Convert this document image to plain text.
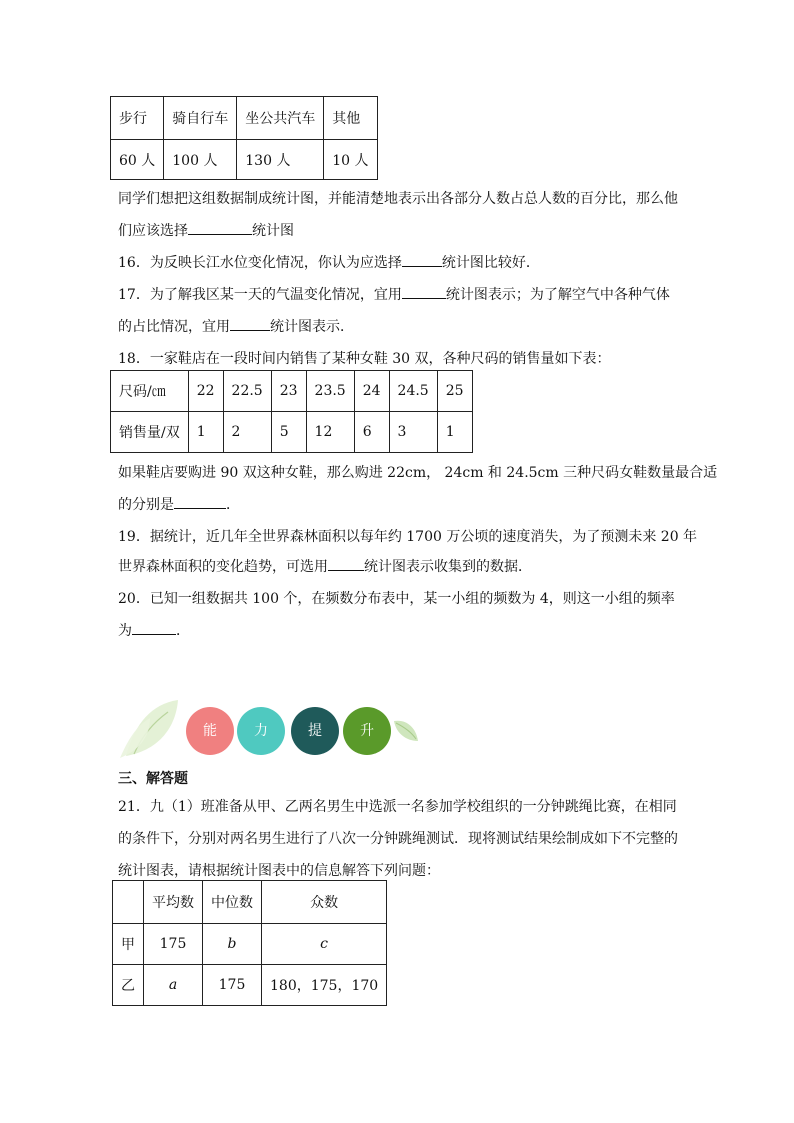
步行	骑自行车	坐公共汽车	其他
60 人	100 人	130 人	10 人
同学们想把这组数据制成统计图，并能清楚地表示出各部分人数占总人数的百分比，那么他
们应该选择	统计图
16．为反映长江水位变化情况，你认为应选择	统计图比较好．
17．为了解我区某一天的气温变化情况，宜用	统计图表示；为了解空气中各种气体
的占比情况，宜用	统计图表示．
18．一家鞋店在一段时间内销售了某种女鞋 30 双，各种尺码的销售量如下表：
尺码/㎝	22	22.5	23	23.5	24	24.5	25
销售量/双	1	2	5	12	6	3	1
如果鞋店要购进 90 双这种女鞋，那么购进 22cm， 24cm 和 24.5cm 三种尺码女鞋数量最合适
的分别是	．
19．据统计，近几年全世界森林面积以每年约 1700 万公顷的速度消失，为了预测未来 20 年
世界森林面积的变化趋势，可选用	统计图表示收集到的数据．
20．已知一组数据共 100 个，在频数分布表中，某一小组的频数为 4，则这一小组的频率
为	．
能	力	提	升
三、解答题
21．九（1）班准备从甲、乙两名男生中选派一名参加学校组织的一分钟跳绳比赛，在相同
的条件下，分别对两名男生进行了八次一分钟跳绳测试．现将测试结果绘制成如下不完整的
统计图表，请根据统计图表中的信息解答下列问题：
	平均数	中位数	众数
甲	175	b	c
乙	a	175	180，175，170
